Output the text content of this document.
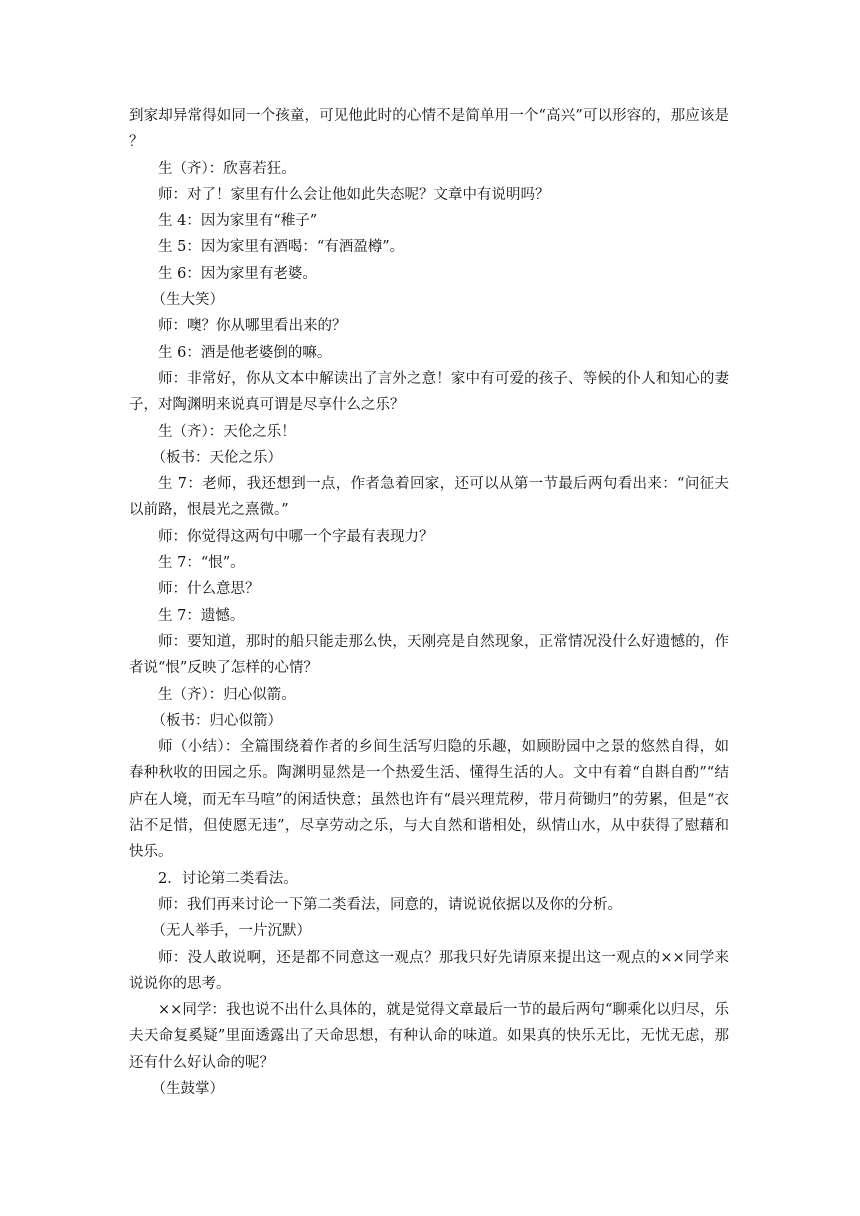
到家却异常得如同一个孩童，可见他此时的心情不是简单用一个“高兴”可以形容的，那应该是？

生（齐）：欣喜若狂。

师：对了！家里有什么会让他如此失态呢？文章中有说明吗？

生 4：因为家里有“稚子”

生 5：因为家里有酒喝：“有酒盈樽”。

生 6：因为家里有老婆。

（生大笑）

师：噢？你从哪里看出来的？

生 6：酒是他老婆倒的嘛。

师：非常好，你从文本中解读出了言外之意！家中有可爱的孩子、等候的仆人和知心的妻子，对陶渊明来说真可谓是尽享什么之乐？

生（齐）：天伦之乐！

（板书：天伦之乐）

生 7：老师，我还想到一点，作者急着回家，还可以从第一节最后两句看出来：“问征夫以前路，恨晨光之熹微。”

师：你觉得这两句中哪一个字最有表现力？

生 7：“恨”。

师：什么意思？

生 7：遗憾。

师：要知道，那时的船只能走那么快，天刚亮是自然现象，正常情况没什么好遗憾的，作者说“恨”反映了怎样的心情？

生（齐）：归心似箭。

（板书：归心似箭）

师（小结）：全篇围绕着作者的乡间生活写归隐的乐趣，如顾盼园中之景的悠然自得，如春种秋收的田园之乐。陶渊明显然是一个热爱生活、懂得生活的人。文中有着“自斟自酌”“结庐在人境，而无车马喧”的闲适快意；虽然也许有“晨兴理荒秽，带月荷锄归”的劳累，但是“衣沾不足惜，但使愿无违”，尽享劳动之乐，与大自然和谐相处，纵情山水，从中获得了慰藉和快乐。

2．讨论第二类看法。

师：我们再来讨论一下第二类看法，同意的，请说说依据以及你的分析。

（无人举手，一片沉默）

师：没人敢说啊，还是都不同意这一观点？那我只好先请原来提出这一观点的××同学来说说你的思考。

××同学：我也说不出什么具体的，就是觉得文章最后一节的最后两句“聊乘化以归尽，乐夫天命复奚疑”里面透露出了天命思想，有种认命的味道。如果真的快乐无比，无忧无虑，那还有什么好认命的呢？

（生鼓掌）
